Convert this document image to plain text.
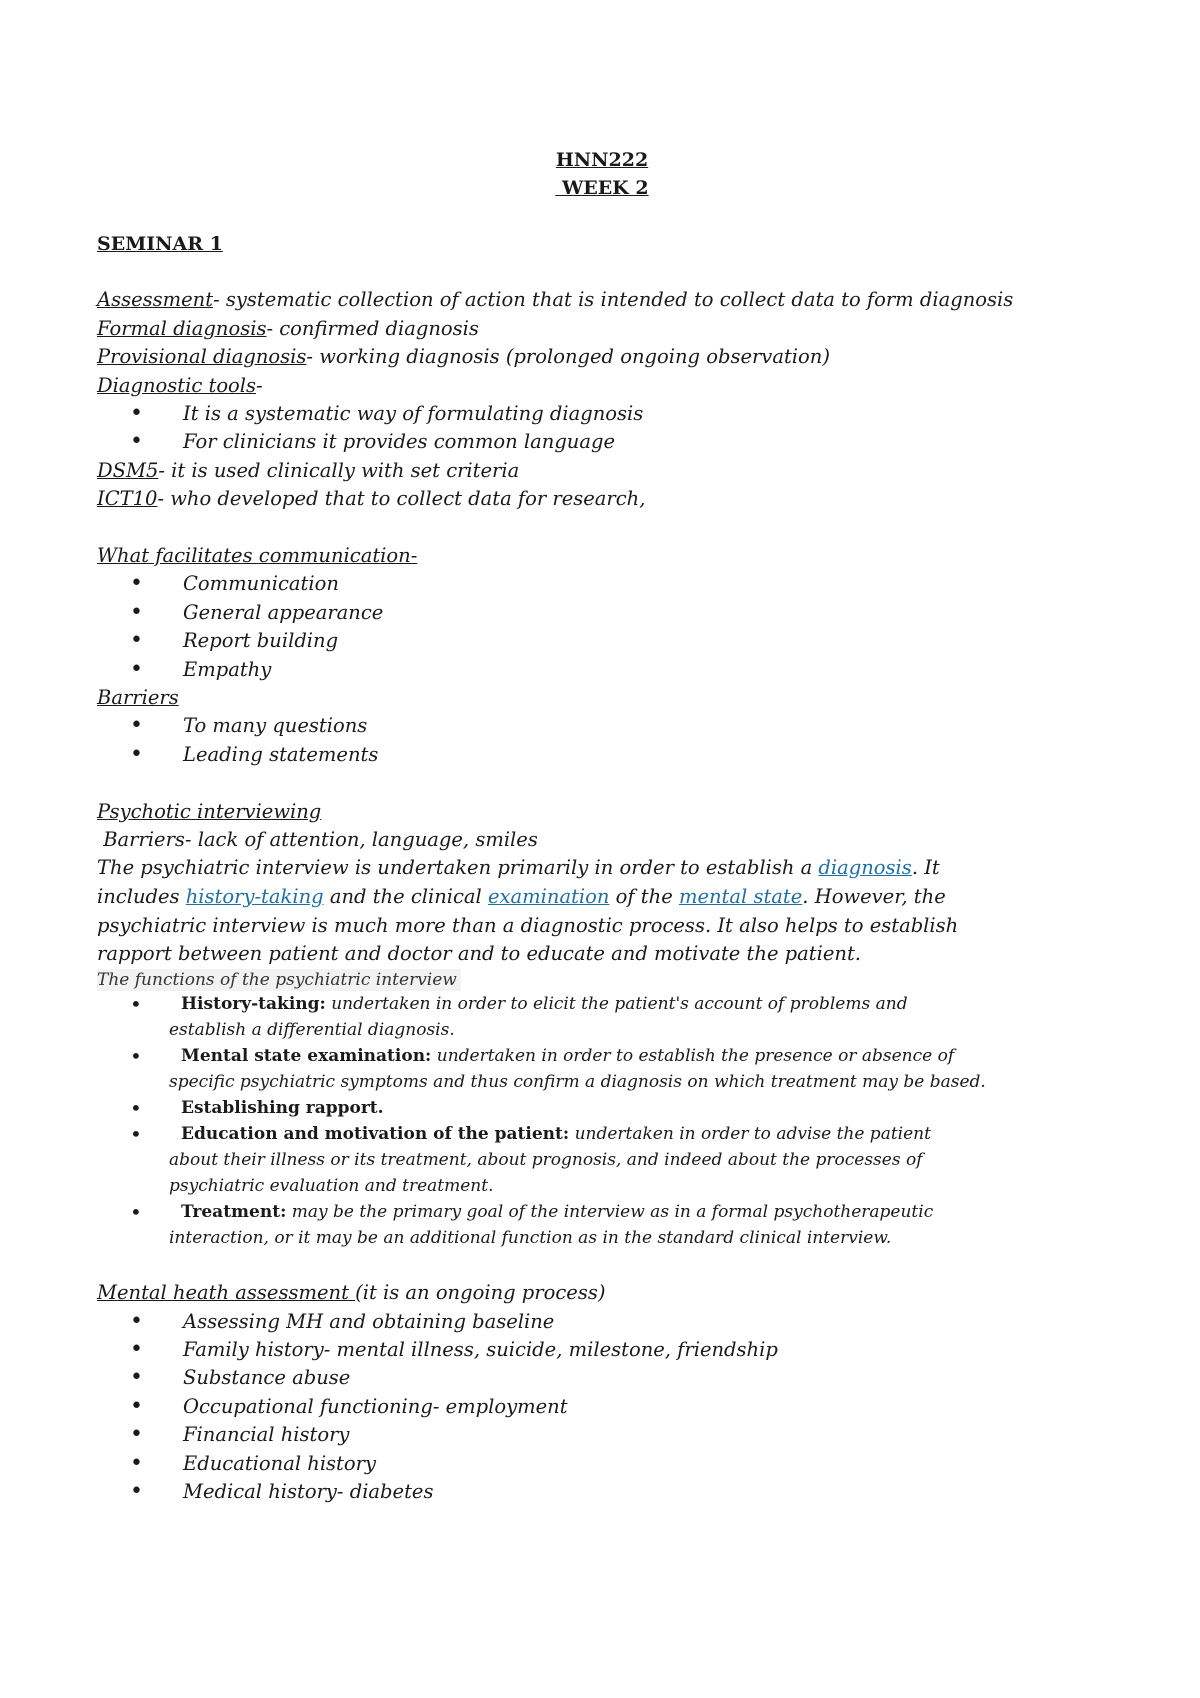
HNN222
WEEK 2
SEMINAR 1
Assessment- systematic collection of action that is intended to collect data to form diagnosis
Formal diagnosis- confirmed diagnosis
Provisional diagnosis- working diagnosis (prolonged ongoing observation)
Diagnostic tools-
• It is a systematic way of formulating diagnosis
• For clinicians it provides common language
DSM5- it is used clinically with set criteria
ICT10- who developed that to collect data for research,
What facilitates communication-
• Communication
• General appearance
• Report building
• Empathy
Barriers
• To many questions
• Leading statements
Psychotic interviewing
Barriers- lack of attention, language, smiles
The psychiatric interview is undertaken primarily in order to establish a diagnosis. It includes history-taking and the clinical examination of the mental state. However, the psychiatric interview is much more than a diagnostic process. It also helps to establish rapport between patient and doctor and to educate and motivate the patient.
The functions of the psychiatric interview
• History-taking: undertaken in order to elicit the patient's account of problems and
establish a differential diagnosis.
• Mental state examination: undertaken in order to establish the presence or absence of
specific psychiatric symptoms and thus confirm a diagnosis on which treatment may be based.
• Establishing rapport.
• Education and motivation of the patient: undertaken in order to advise the patient
about their illness or its treatment, about prognosis, and indeed about the processes of psychiatric evaluation and treatment.
• Treatment: may be the primary goal of the interview as in a formal psychotherapeutic
interaction, or it may be an additional function as in the standard clinical interview.
Mental heath assessment (it is an ongoing process)
• Assessing MH and obtaining baseline
• Family history- mental illness, suicide, milestone, friendship
• Substance abuse
• Occupational functioning- employment
• Financial history
• Educational history
• Medical history- diabetes
